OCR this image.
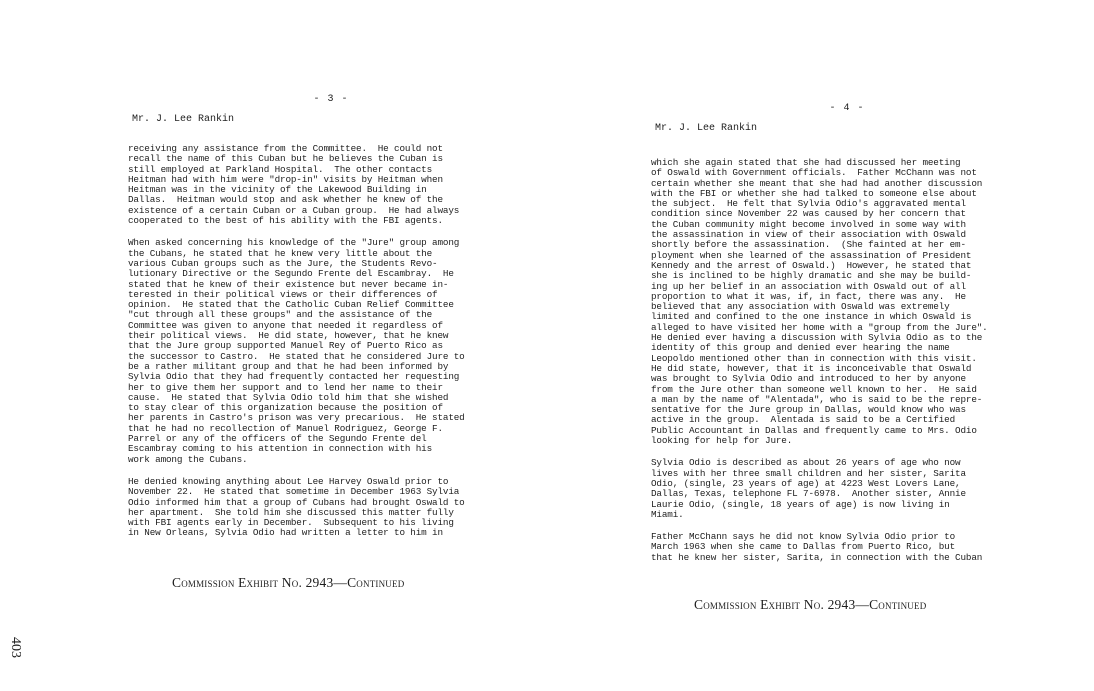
- 3 -
Mr. J. Lee Rankin

receiving any assistance from the Committee.  He could not
recall the name of this Cuban but he believes the Cuban is
still employed at Parkland Hospital.  The other contacts
Heitman had with him were "drop-in" visits by Heitman when
Heitman was in the vicinity of the Lakewood Building in
Dallas.  Heitman would stop and ask whether he knew of the
existence of a certain Cuban or a Cuban group.  He had always
cooperated to the best of his ability with the FBI agents.

When asked concerning his knowledge of the "Jure" group among
the Cubans, he stated that he knew very little about the
various Cuban groups such as the Jure, the Students Revo-
lutionary Directive or the Segundo Frente del Escambray.  He
stated that he knew of their existence but never became in-
terested in their political views or their differences of
opinion.  He stated that the Catholic Cuban Relief Committee
"cut through all these groups" and the assistance of the
Committee was given to anyone that needed it regardless of
their political views.  He did state, however, that he knew
that the Jure group supported Manuel Rey of Puerto Rico as
the successor to Castro.  He stated that he considered Jure to
be a rather militant group and that he had been informed by
Sylvia Odio that they had frequently contacted her requesting
her to give them her support and to lend her name to their
cause.  He stated that Sylvia Odio told him that she wished
to stay clear of this organization because the position of
her parents in Castro's prison was very precarious.  He stated
that he had no recollection of Manuel Rodriguez, George F.
Parrel or any of the officers of the Segundo Frente del
Escambray coming to his attention in connection with his
work among the Cubans.

He denied knowing anything about Lee Harvey Oswald prior to
November 22.  He stated that sometime in December 1963 Sylvia
Odio informed him that a group of Cubans had brought Oswald to
her apartment.  She told him she discussed this matter fully
with FBI agents early in December.  Subsequent to his living
in New Orleans, Sylvia Odio had written a letter to him in

Commission Exhibit No. 2943—Continued
- 4 -
Mr. J. Lee Rankin

which she again stated that she had discussed her meeting
of Oswald with Government officials.  Father McChann was not
certain whether she meant that she had had another discussion
with the FBI or whether she had talked to someone else about
the subject.  He felt that Sylvia Odio's aggravated mental
condition since November 22 was caused by her concern that
the Cuban community might become involved in some way with
the assassination in view of their association with Oswald
shortly before the assassination.  (She fainted at her em-
ployment when she learned of the assassination of President
Kennedy and the arrest of Oswald.)  However, he stated that
she is inclined to be highly dramatic and she may be build-
ing up her belief in an association with Oswald out of all
proportion to what it was, if, in fact, there was any.  He
believed that any association with Oswald was extremely
limited and confined to the one instance in which Oswald is
alleged to have visited her home with a "group from the Jure".
He denied ever having a discussion with Sylvia Odio as to the
identity of this group and denied ever hearing the name
Leopoldo mentioned other than in connection with this visit.
He did state, however, that it is inconceivable that Oswald
was brought to Sylvia Odio and introduced to her by anyone
from the Jure other than someone well known to her.  He said
a man by the name of "Alentada", who is said to be the repre-
sentative for the Jure group in Dallas, would know who was
active in the group.  Alentada is said to be a Certified
Public Accountant in Dallas and frequently came to Mrs. Odio
looking for help for Jure.

Sylvia Odio is described as about 26 years of age who now
lives with her three small children and her sister, Sarita
Odio, (single, 23 years of age) at 4223 West Lovers Lane,
Dallas, Texas, telephone FL 7-6978.  Another sister, Annie
Laurie Odio, (single, 18 years of age) is now living in
Miami.

Father McChann says he did not know Sylvia Odio prior to
March 1963 when she came to Dallas from Puerto Rico, but
that he knew her sister, Sarita, in connection with the Cuban

Commission Exhibit No. 2943—Continued
403
